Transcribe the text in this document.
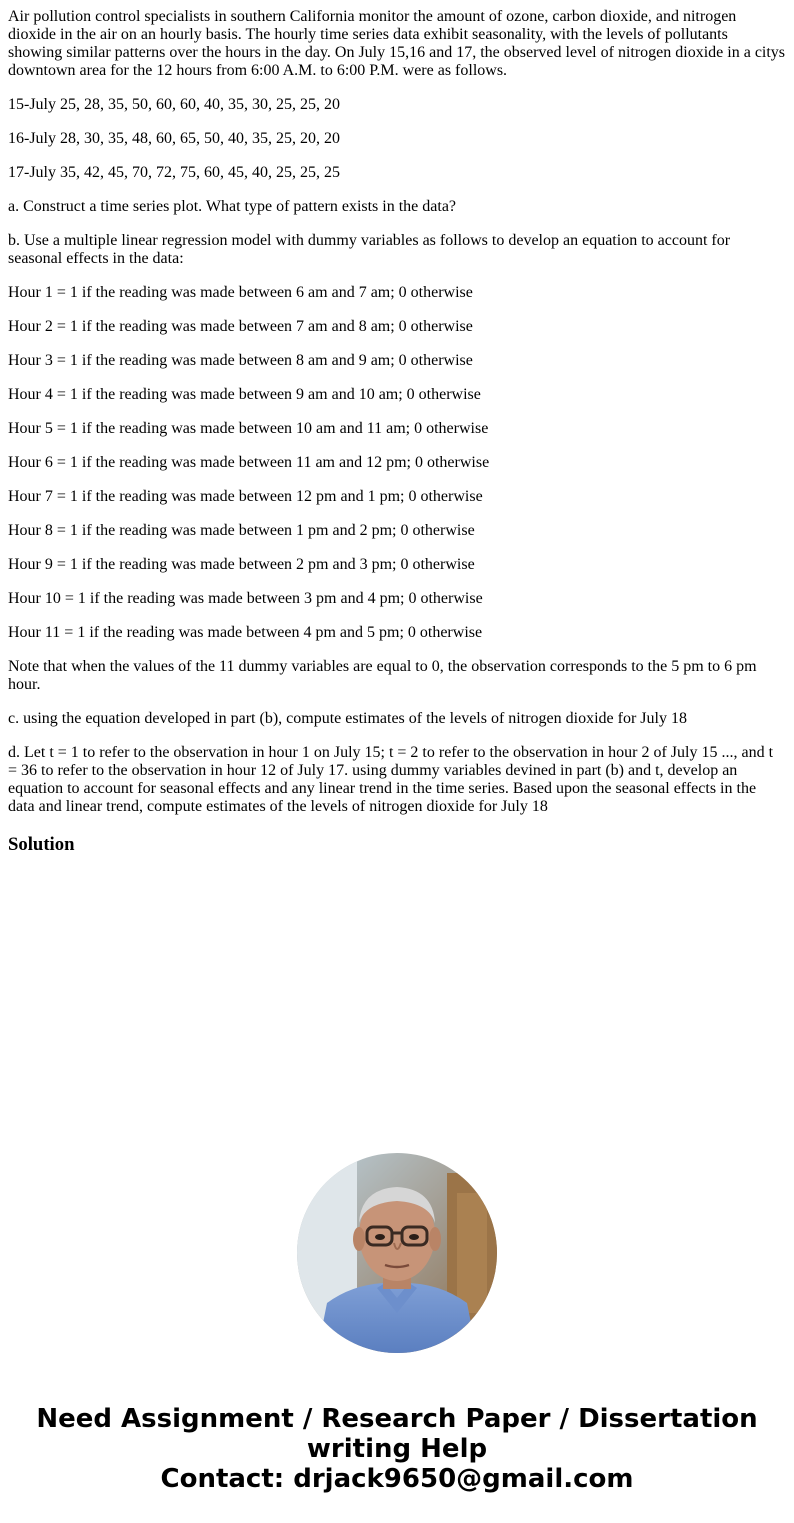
Air pollution control specialists in southern California monitor the amount of ozone, carbon dioxide, and nitrogen dioxide in the air on an hourly basis. The hourly time series data exhibit seasonality, with the levels of pollutants showing similar patterns over the hours in the day. On July 15,16 and 17, the observed level of nitrogen dioxide in a citys downtown area for the 12 hours from 6:00 A.M. to 6:00 P.M. were as follows.

15-July 25, 28, 35, 50, 60, 60, 40, 35, 30, 25, 25, 20

16-July 28, 30, 35, 48, 60, 65, 50, 40, 35, 25, 20, 20

17-July 35, 42, 45, 70, 72, 75, 60, 45, 40, 25, 25, 25

a. Construct a time series plot. What type of pattern exists in the data?

b. Use a multiple linear regression model with dummy variables as follows to develop an equation to account for seasonal effects in the data:

Hour 1 = 1 if the reading was made between 6 am and 7 am; 0 otherwise

Hour 2 = 1 if the reading was made between 7 am and 8 am; 0 otherwise

Hour 3 = 1 if the reading was made between 8 am and 9 am; 0 otherwise

Hour 4 = 1 if the reading was made between 9 am and 10 am; 0 otherwise

Hour 5 = 1 if the reading was made between 10 am and 11 am; 0 otherwise

Hour 6 = 1 if the reading was made between 11 am and 12 pm; 0 otherwise

Hour 7 = 1 if the reading was made between 12 pm and 1 pm; 0 otherwise

Hour 8 = 1 if the reading was made between 1 pm and 2 pm; 0 otherwise

Hour 9 = 1 if the reading was made between 2 pm and 3 pm; 0 otherwise

Hour 10 = 1 if the reading was made between 3 pm and 4 pm; 0 otherwise

Hour 11 = 1 if the reading was made between 4 pm and 5 pm; 0 otherwise

Note that when the values of the 11 dummy variables are equal to 0, the observation corresponds to the 5 pm to 6 pm hour.

c. using the equation developed in part (b), compute estimates of the levels of nitrogen dioxide for July 18

d. Let t = 1 to refer to the observation in hour 1 on July 15; t = 2 to refer to the observation in hour 2 of July 15 ..., and t = 36 to refer to the observation in hour 12 of July 17. using dummy variables devined in part (b) and t, develop an equation to account for seasonal effects and any linear trend in the time series. Based upon the seasonal effects in the data and linear trend, compute estimates of the levels of nitrogen dioxide for July 18

Solution
Need Assignment / Research Paper / Dissertation
writing Help
Contact: drjack9650@gmail.com
